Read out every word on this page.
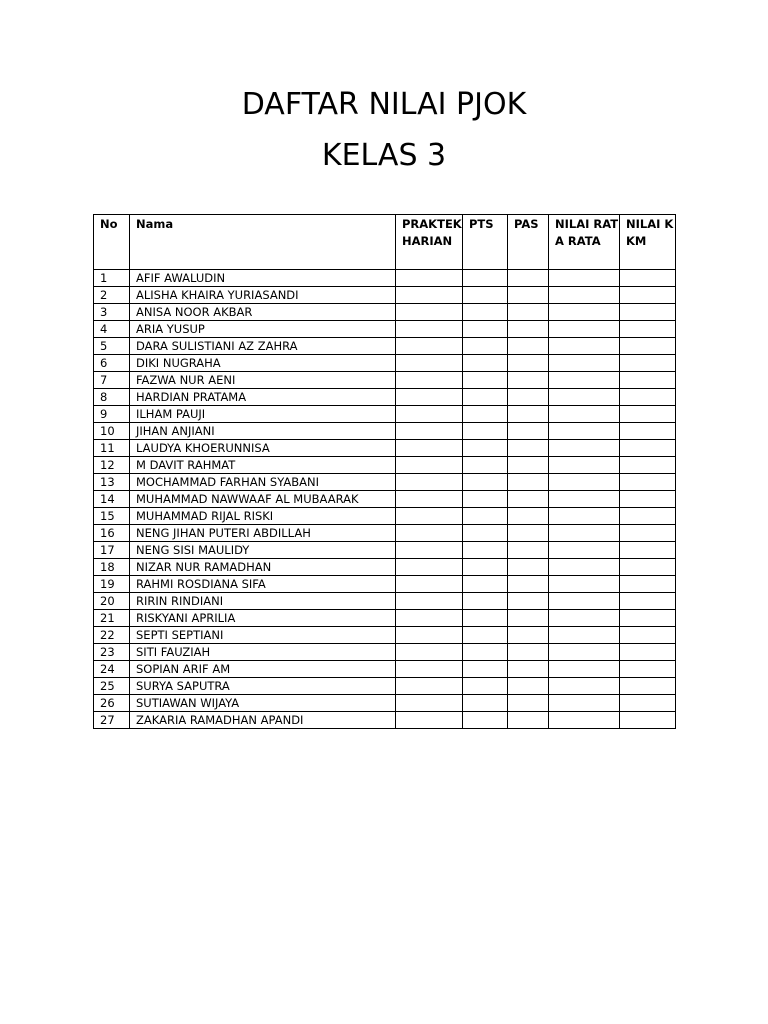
DAFTAR NILAI PJOK
KELAS 3
No	Nama	PRAKTEK HARIAN	PTS	PAS	NILAI RATA RATA	NILAI KKM
1	AFIF AWALUDIN					
2	ALISHA KHAIRA YURIASANDI					
3	ANISA NOOR AKBAR					
4	ARIA YUSUP					
5	DARA SULISTIANI AZ ZAHRA					
6	DIKI NUGRAHA					
7	FAZWA NUR AENI					
8	HARDIAN PRATAMA					
9	ILHAM PAUJI					
10	JIHAN ANJIANI					
11	LAUDYA KHOERUNNISA					
12	M DAVIT RAHMAT					
13	MOCHAMMAD FARHAN SYABANI					
14	MUHAMMAD NAWWAAF AL MUBAARAK					
15	MUHAMMAD RIJAL RISKI					
16	NENG JIHAN PUTERI ABDILLAH					
17	NENG SISI MAULIDY					
18	NIZAR NUR RAMADHAN					
19	RAHMI ROSDIANA SIFA					
20	RIRIN RINDIANI					
21	RISKYANI APRILIA					
22	SEPTI SEPTIANI					
23	SITI FAUZIAH					
24	SOPIAN ARIF AM					
25	SURYA SAPUTRA					
26	SUTIAWAN WIJAYA					
27	ZAKARIA RAMADHAN APANDI					
